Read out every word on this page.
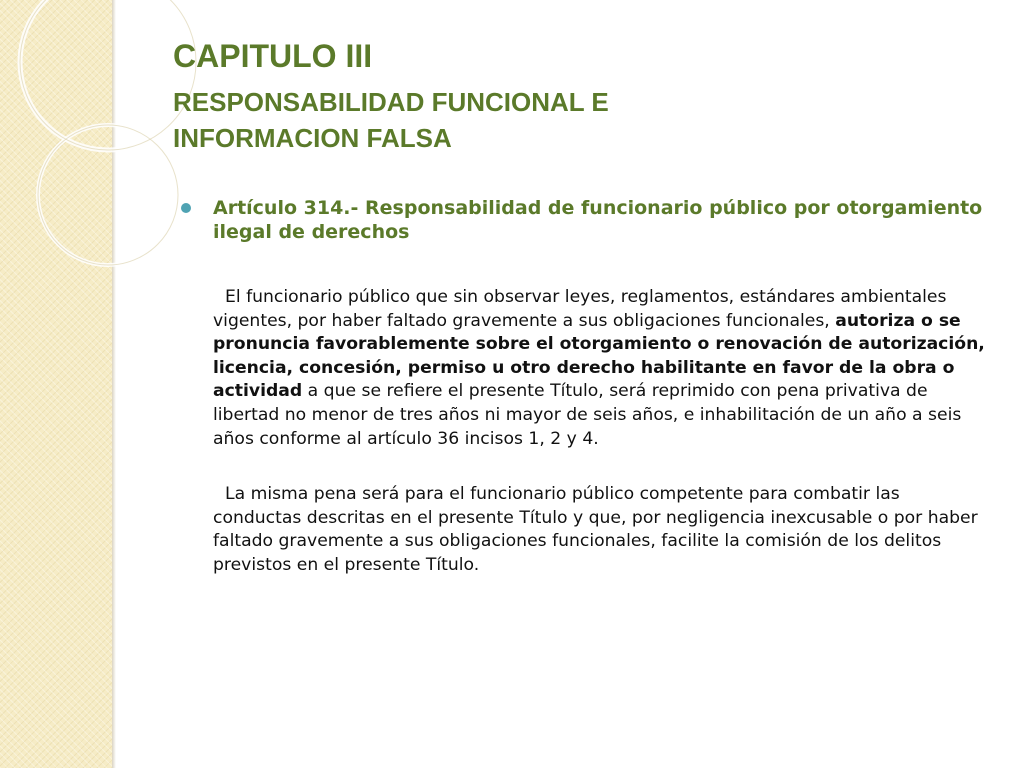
CAPITULO III
RESPONSABILIDAD FUNCIONAL E INFORMACION FALSA
Artículo 314.- Responsabilidad de funcionario público por otorgamiento ilegal de derechos

El funcionario público que sin observar leyes, reglamentos, estándares ambientales vigentes, por haber faltado gravemente a sus obligaciones funcionales, autoriza o se pronuncia favorablemente sobre el otorgamiento o renovación de autorización, licencia, concesión, permiso u otro derecho habilitante en favor de la obra o actividad a que se refiere el presente Título, será reprimido con pena privativa de libertad no menor de tres años ni mayor de seis años, e inhabilitación de un año a seis años conforme al artículo 36 incisos 1, 2 y 4.

La misma pena será para el funcionario público competente para combatir las conductas descritas en el presente Título y que, por negligencia inexcusable o por haber faltado gravemente a sus obligaciones funcionales, facilite la comisión de los delitos previstos en el presente Título.
